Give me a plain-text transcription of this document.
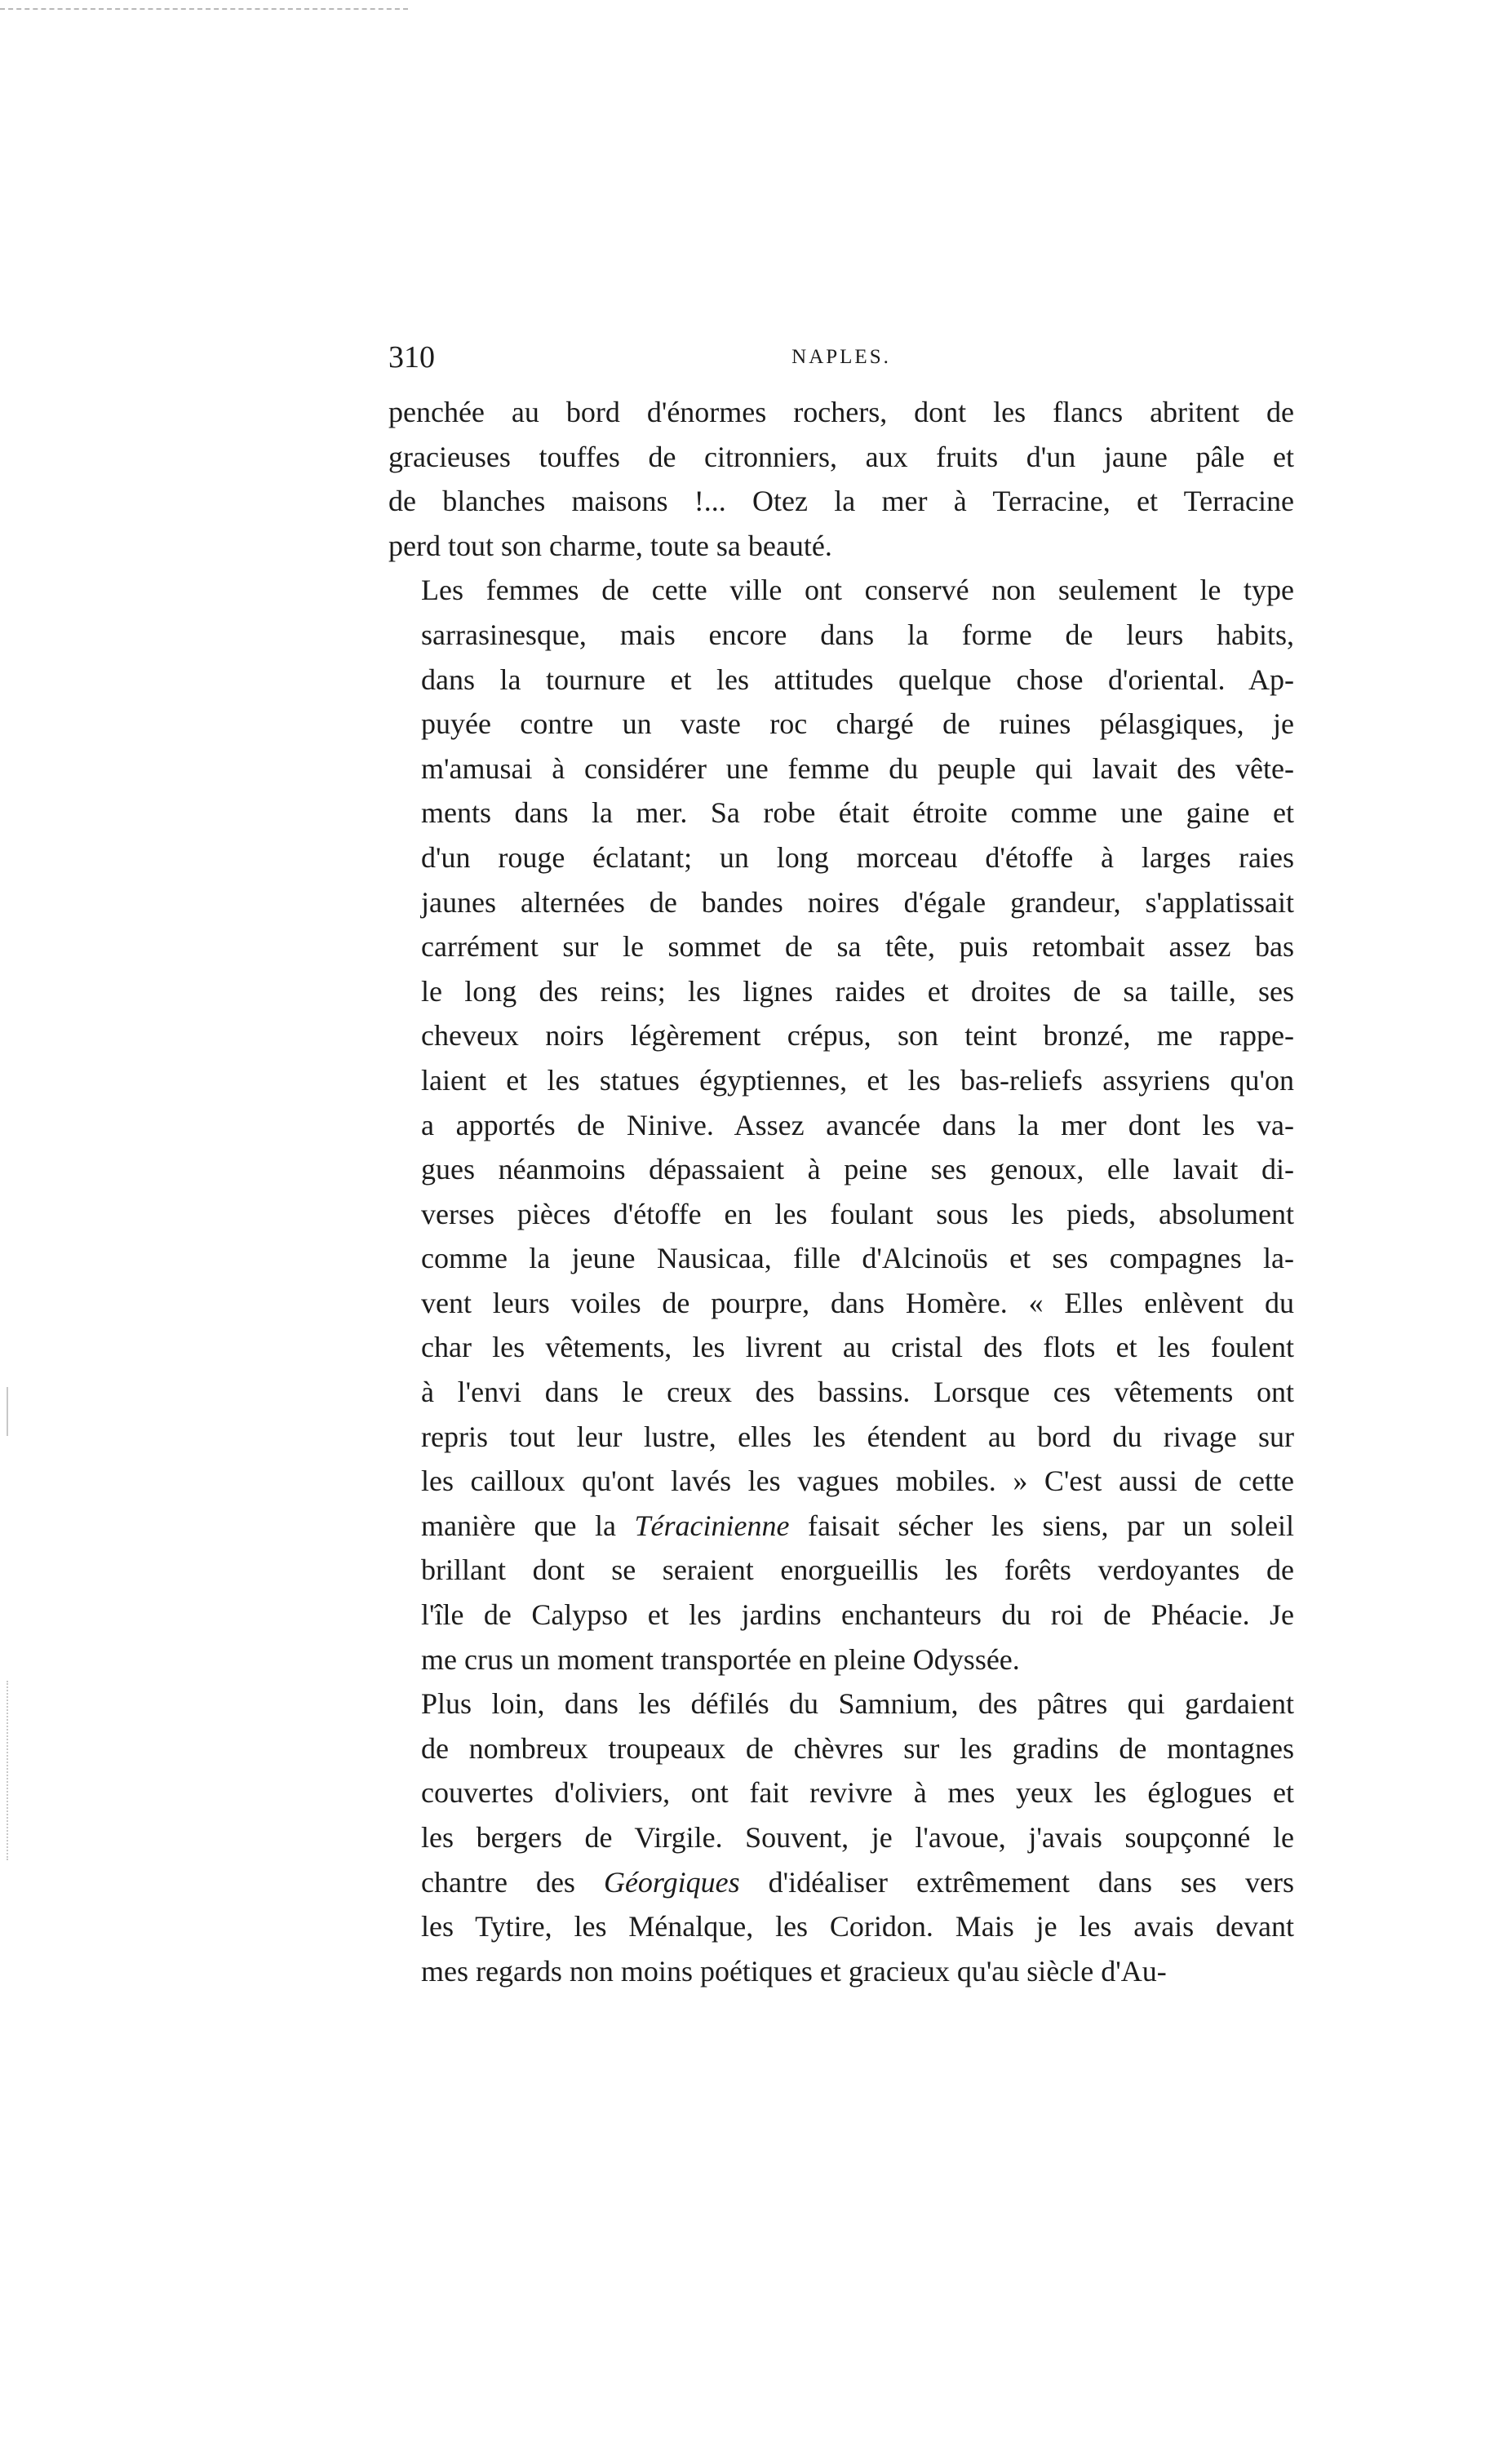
NAPLES.
310

penchée au bord d'énormes rochers, dont les flancs abritent de
gracieuses touffes de citronniers, aux fruits d'un jaune pâle et
de blanches maisons !... Otez la mer à Terracine, et Terracine
perd tout son charme, toute sa beauté.

Les femmes de cette ville ont conservé non seulement le type
sarrasinesque, mais encore dans la forme de leurs habits,
dans la tournure et les attitudes quelque chose d'oriental. Ap-
puyée contre un vaste roc chargé de ruines pélasgiques, je
m'amusai à considérer une femme du peuple qui lavait des vête-
ments dans la mer. Sa robe était étroite comme une gaine et
d'un rouge éclatant; un long morceau d'étoffe à larges raies
jaunes alternées de bandes noires d'égale grandeur, s'applatissait
carrément sur le sommet de sa tête, puis retombait assez bas
le long des reins; les lignes raides et droites de sa taille, ses
cheveux noirs légèrement crépus, son teint bronzé, me rappe-
laient et les statues égyptiennes, et les bas-reliefs assyriens qu'on
a apportés de Ninive. Assez avancée dans la mer dont les va-
gues néanmoins dépassaient à peine ses genoux, elle lavait di-
verses pièces d'étoffe en les foulant sous les pieds, absolument
comme la jeune Nausicaa, fille d'Alcinoüs et ses compagnes la-
vent leurs voiles de pourpre, dans Homère. « Elles enlèvent du
char les vêtements, les livrent au cristal des flots et les foulent
à l'envi dans le creux des bassins. Lorsque ces vêtements ont
repris tout leur lustre, elles les étendent au bord du rivage sur
les cailloux qu'ont lavés les vagues mobiles. » C'est aussi de cette
manière que la Téracinienne faisait sécher les siens, par un soleil
brillant dont se seraient enorgueillis les forêts verdoyantes de
l'île de Calypso et les jardins enchanteurs du roi de Phéacie. Je
me crus un moment transportée en pleine Odyssée.

Plus loin, dans les défilés du Samnium, des pâtres qui gardaient
de nombreux troupeaux de chèvres sur les gradins de montagnes
couvertes d'oliviers, ont fait revivre à mes yeux les églogues et
les bergers de Virgile. Souvent, je l'avoue, j'avais soupçonné le
chantre des Géorgiques d'idéaliser extrêmement dans ses vers
les Tytire, les Ménalque, les Coridon. Mais je les avais devant
mes regards non moins poétiques et gracieux qu'au siècle d'Au-
